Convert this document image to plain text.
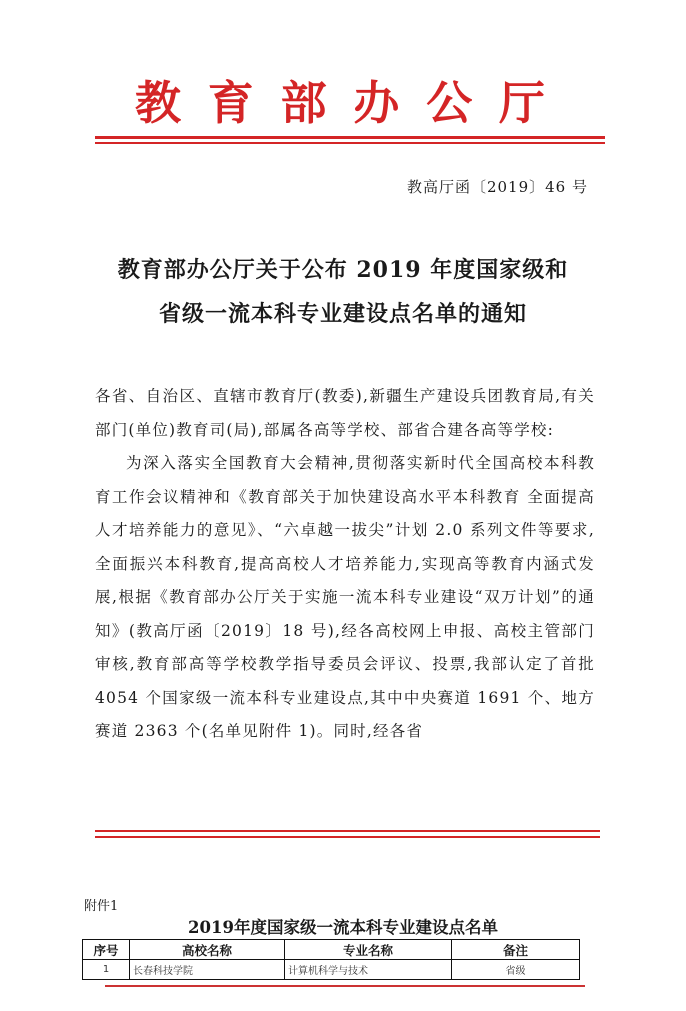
教 育 部 办 公 厅
教高厅函〔2019〕46 号
教育部办公厅关于公布 2019 年度国家级和
省级一流本科专业建设点名单的通知

各省、自治区、直辖市教育厅(教委),新疆生产建设兵团教育局,有关部门(单位)教育司(局),部属各高等学校、部省合建各高等学校:

为深入落实全国教育大会精神,贯彻落实新时代全国高校本科教育工作会议精神和《教育部关于加快建设高水平本科教育 全面提高人才培养能力的意见》、“六卓越一拔尖”计划 2.0 系列文件等要求,全面振兴本科教育,提高高校人才培养能力,实现高等教育内涵式发展,根据《教育部办公厅关于实施一流本科专业建设“双万计划”的通知》(教高厅函〔2019〕18 号),经各高校网上申报、高校主管部门审核,教育部高等学校教学指导委员会评议、投票,我部认定了首批 4054 个国家级一流本科专业建设点,其中中央赛道 1691 个、地方赛道 2363 个(名单见附件 1)。同时,经各省

附件1
2019年度国家级一流本科专业建设点名单
序号	高校名称	专业名称	备注
1	长春科技学院	计算机科学与技术	省级
